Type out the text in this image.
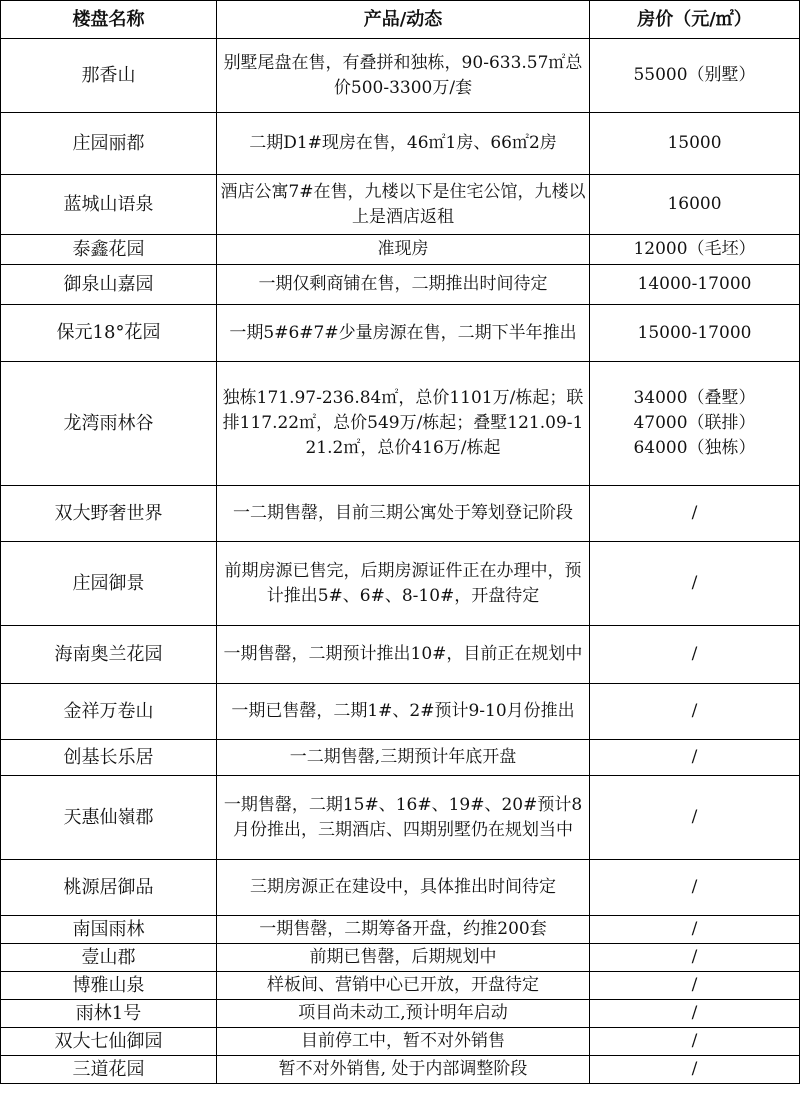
楼盘名称	产品/动态	房价（元/㎡）

那香山	别墅尾盘在售，有叠拼和独栋，90-633.57㎡总价500-3300万/套	55000（别墅）

庄园丽都	二期D1#现房在售，46㎡1房、66㎡2房	15000

蓝城山语泉	酒店公寓7#在售，九楼以下是住宅公馆，九楼以上是酒店返租	16000

泰鑫花园	准现房	12000（毛坯）

御泉山嘉园	一期仅剩商铺在售，二期推出时间待定	14000-17000

保元18°花园	一期5#6#7#少量房源在售，二期下半年推出	15000-17000

龙湾雨林谷	独栋171.97-236.84㎡，总价1101万/栋起；联排117.22㎡，总价549万/栋起；叠墅121.09-121.2㎡，总价416万/栋起	34000（叠墅）
47000（联排）
64000（独栋）

双大野奢世界	一二期售罄，目前三期公寓处于筹划登记阶段	/

庄园御景	前期房源已售完，后期房源证件正在办理中，预计推出5#、6#、8-10#，开盘待定	/

海南奥兰花园	一期售罄，二期预计推出10#，目前正在规划中	/

金祥万卷山	一期已售罄，二期1#、2#预计9-10月份推出	/

创基长乐居	一二期售罄,三期预计年底开盘	/

天惠仙嶺郡	一期售罄，二期15#、16#、19#、20#预计8月份推出，三期酒店、四期别墅仍在规划当中	/

桃源居御品	三期房源正在建设中，具体推出时间待定	/

南国雨林	一期售罄，二期筹备开盘，约推200套	/

壹山郡	前期已售罄，后期规划中	/

博雅山泉	样板间、营销中心已开放，开盘待定	/

雨林1号	项目尚未动工,预计明年启动	/

双大七仙御园	目前停工中，暂不对外销售	/

三道花园	暂不对外销售, 处于内部调整阶段	/
